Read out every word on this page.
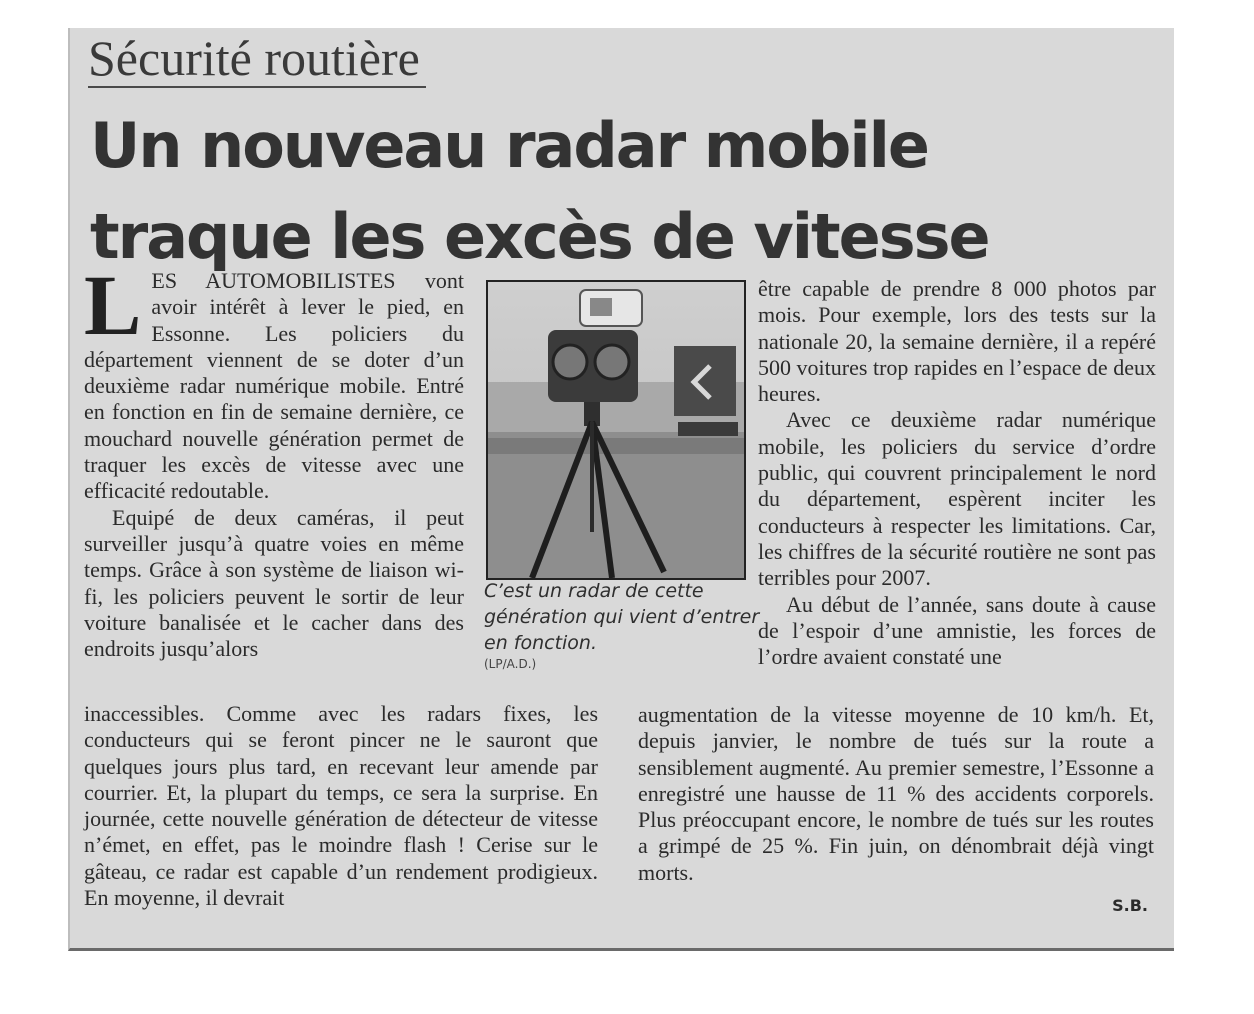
Sécurité routière
Un nouveau radar mobile
traque les excès de vitesse

LES AUTOMOBILISTES vont avoir intérêt à lever le pied, en Essonne. Les policiers du département viennent de se doter d’un deuxième radar numérique mobile. Entré en fonction en fin de semaine dernière, ce mouchard nouvelle génération permet de traquer les excès de vitesse avec une efficacité redoutable.

Equipé de deux caméras, il peut surveiller jusqu’à quatre voies en même temps. Grâce à son système de liaison wi-fi, les policiers peuvent le sortir de leur voiture banalisée et le cacher dans des endroits jusqu’alors

C’est un radar de cette génération qui vient d’entrer en fonction.
(LP/A.D.)

inaccessibles. Comme avec les radars fixes, les conducteurs qui se feront pincer ne le sauront que quelques jours plus tard, en recevant leur amende par courrier. Et, la plupart du temps, ce sera la surprise. En journée, cette nouvelle génération de détecteur de vitesse n’émet, en effet, pas le moindre flash ! Cerise sur le gâteau, ce radar est capable d’un rendement prodigieux. En moyenne, il devrait

être capable de prendre 8 000 photos par mois. Pour exemple, lors des tests sur la nationale 20, la semaine dernière, il a repéré 500 voitures trop rapides en l’espace de deux heures.

Avec ce deuxième radar numérique mobile, les policiers du service d’ordre public, qui couvrent principalement le nord du département, espèrent inciter les conducteurs à respecter les limitations. Car, les chiffres de la sécurité routière ne sont pas terribles pour 2007.

Au début de l’année, sans doute à cause de l’espoir d’une amnistie, les forces de l’ordre avaient constaté une

augmentation de la vitesse moyenne de 10 km/h. Et, depuis janvier, le nombre de tués sur la route a sensiblement augmenté. Au premier semestre, l’Essonne a enregistré une hausse de 11 % des accidents corporels. Plus préoccupant encore, le nombre de tués sur les routes a grimpé de 25 %. Fin juin, on dénombrait déjà vingt morts.

S.B.
